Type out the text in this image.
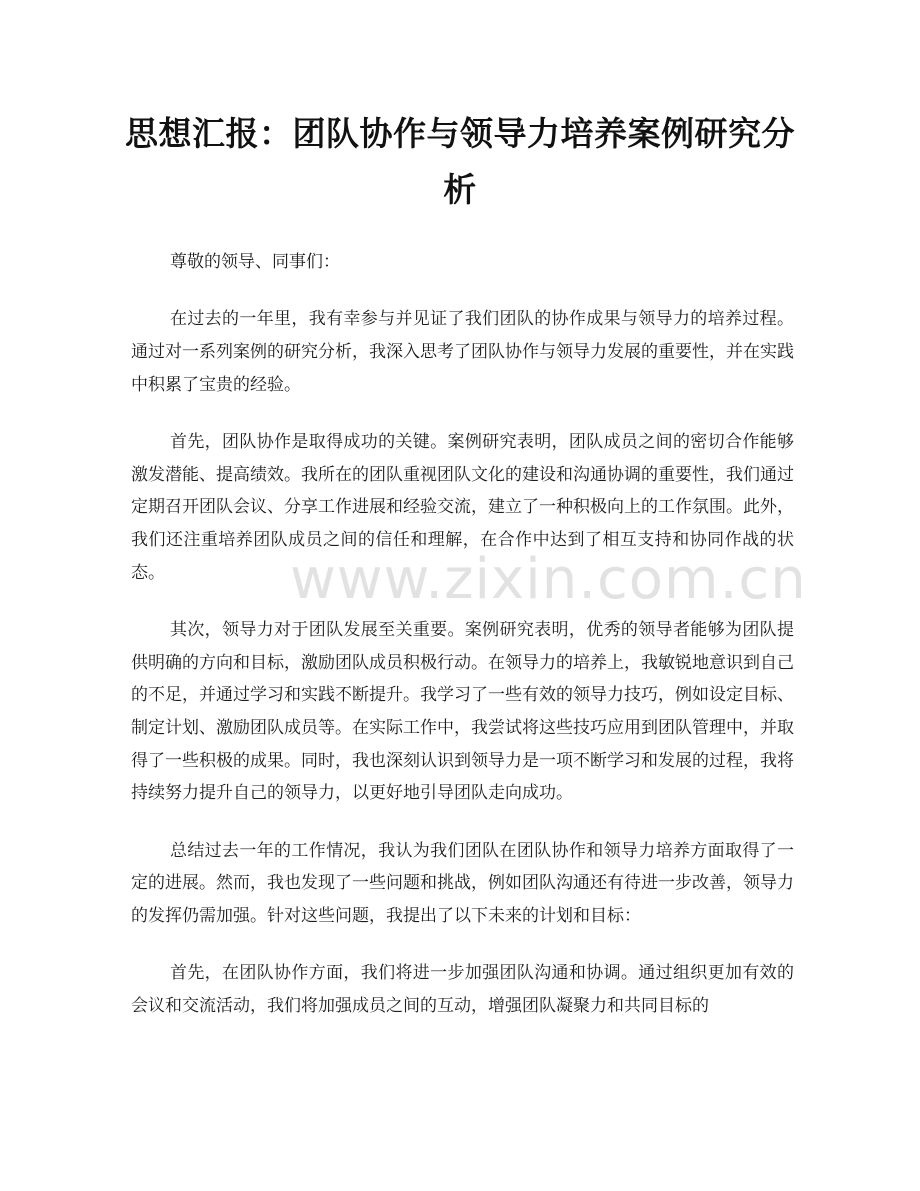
思想汇报：团队协作与领导力培养案例研究分析

尊敬的领导、同事们：

在过去的一年里，我有幸参与并见证了我们团队的协作成果与领导力的培养过程。通过对一系列案例的研究分析，我深入思考了团队协作与领导力发展的重要性，并在实践中积累了宝贵的经验。

首先，团队协作是取得成功的关键。案例研究表明，团队成员之间的密切合作能够激发潜能、提高绩效。我所在的团队重视团队文化的建设和沟通协调的重要性，我们通过定期召开团队会议、分享工作进展和经验交流，建立了一种积极向上的工作氛围。此外，我们还注重培养团队成员之间的信任和理解，在合作中达到了相互支持和协同作战的状态。

其次，领导力对于团队发展至关重要。案例研究表明，优秀的领导者能够为团队提供明确的方向和目标，激励团队成员积极行动。在领导力的培养上，我敏锐地意识到自己的不足，并通过学习和实践不断提升。我学习了一些有效的领导力技巧，例如设定目标、制定计划、激励团队成员等。在实际工作中，我尝试将这些技巧应用到团队管理中，并取得了一些积极的成果。同时，我也深刻认识到领导力是一项不断学习和发展的过程，我将持续努力提升自己的领导力，以更好地引导团队走向成功。

总结过去一年的工作情况，我认为我们团队在团队协作和领导力培养方面取得了一定的进展。然而，我也发现了一些问题和挑战，例如团队沟通还有待进一步改善，领导力的发挥仍需加强。针对这些问题，我提出了以下未来的计划和目标：

首先，在团队协作方面，我们将进一步加强团队沟通和协调。通过组织更加有效的会议和交流活动，我们将加强成员之间的互动，增强团队凝聚力和共同目标的

www.zixin.com.cn
